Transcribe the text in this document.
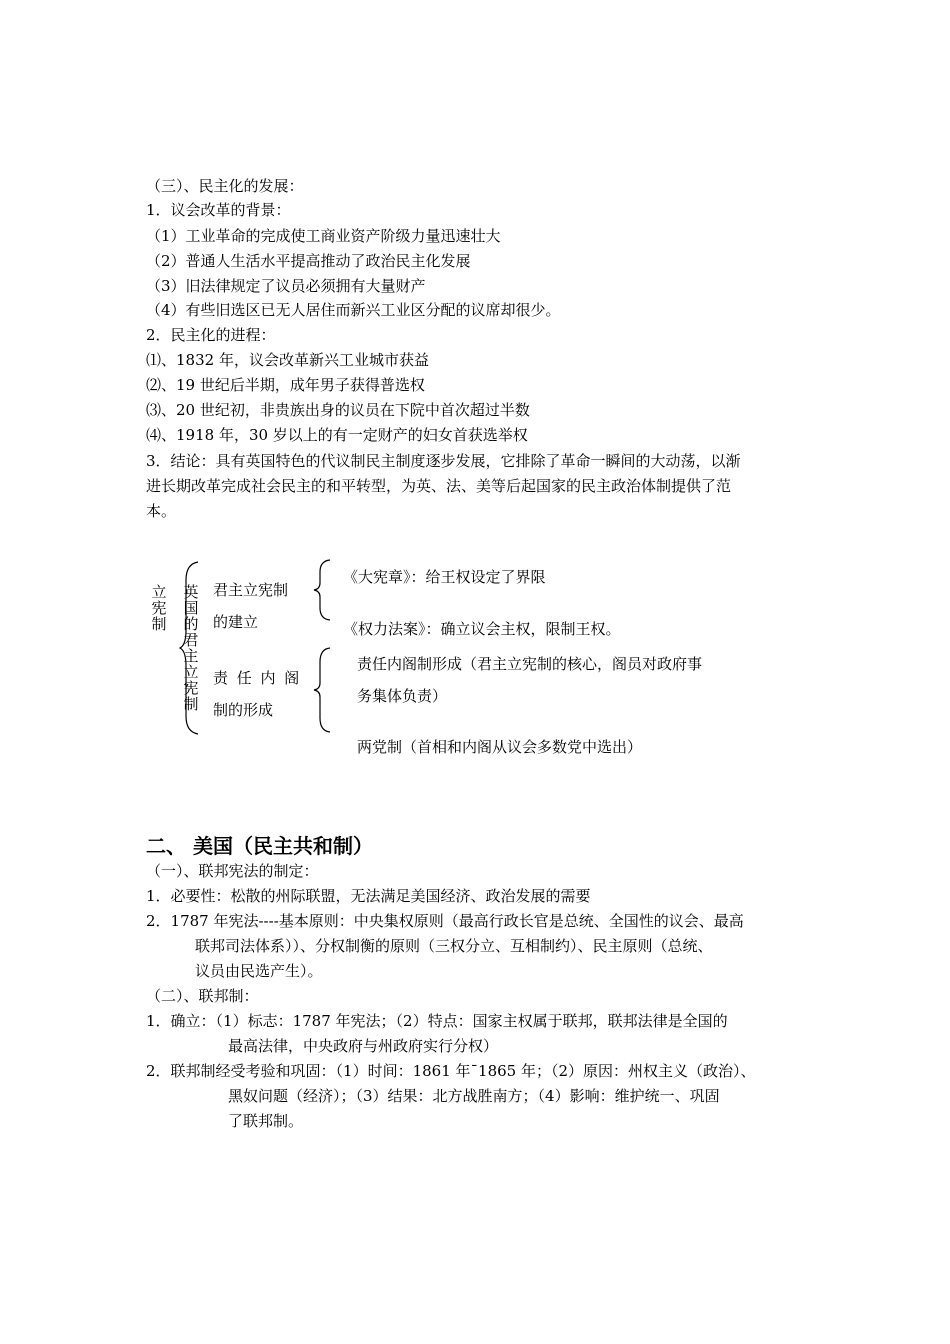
（三）、民主化的发展：
1．议会改革的背景：
（1）工业革命的完成使工商业资产阶级力量迅速壮大
（2）普通人生活水平提高推动了政治民主化发展
（3）旧法律规定了议员必须拥有大量财产
（4）有些旧选区已无人居住而新兴工业区分配的议席却很少。
2．民主化的进程：
⑴、1832 年，议会改革新兴工业城市获益
⑵、19 世纪后半期，成年男子获得普选权
⑶、20 世纪初，非贵族出身的议员在下院中首次超过半数
⑷、1918 年，30 岁以上的有一定财产的妇女首获选举权
3．结论：具有英国特色的代议制民主制度逐步发展，它排除了革命一瞬间的大动荡，以渐
进长期改革完成社会民主的和平转型，为英、法、美等后起国家的民主政治体制提供了范
本。
立宪制
英国的君主立宪制
君主立宪制
的建立
《大宪章》：给王权设定了界限
《权力法案》：确立议会主权，限制王权。
责 任 内 阁
制的形成
责任内阁制形成（君主立宪制的核心，阁员对政府事
务集体负责）
两党制（首相和内阁从议会多数党中选出）
二、 美国（民主共和制）
（一）、联邦宪法的制定：
1．必要性：松散的州际联盟，无法满足美国经济、政治发展的需要
2．1787 年宪法----基本原则：中央集权原则（最高行政长官是总统、全国性的议会、最高
联邦司法体系））、分权制衡的原则（三权分立、互相制约）、民主原则（总统、
议员由民选产生）。
（二）、联邦制：
1．确立：（1）标志：1787 年宪法；（2）特点：国家主权属于联邦，联邦法律是全国的
最高法律，中央政府与州政府实行分权）
2．联邦制经受考验和巩固：（1）时间：1861 年¯1865 年；（2）原因：州权主义（政治）、
黑奴问题（经济）；（3）结果：北方战胜南方；（4）影响：维护统一、巩固
了联邦制。
